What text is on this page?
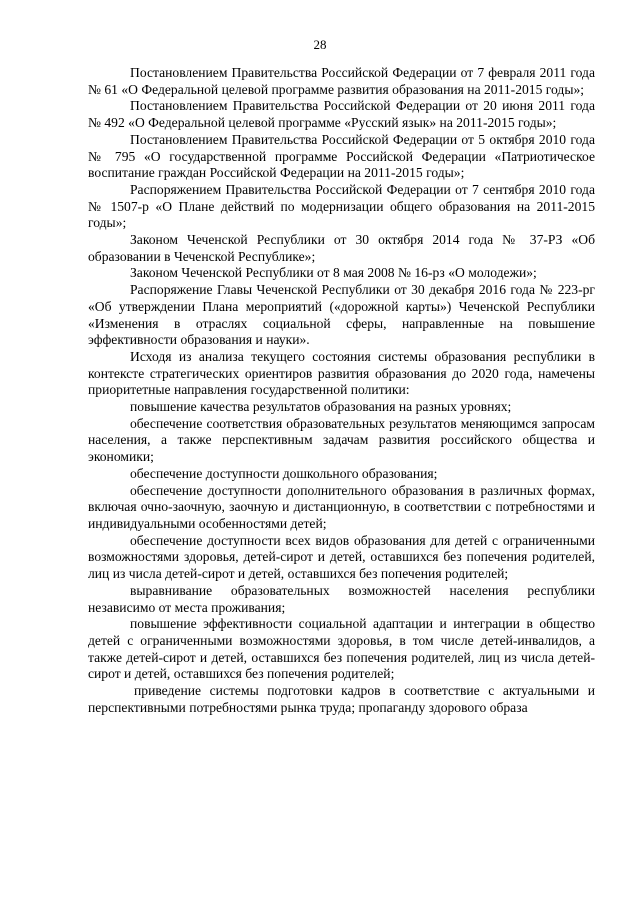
28

Постановлением Правительства Российской Федерации от 7 февраля 2011 года № 61 «О Федеральной целевой программе развития образования на 2011-2015 годы»;

Постановлением Правительства Российской Федерации от 20 июня 2011 года № 492 «О Федеральной целевой программе «Русский язык» на 2011-2015 годы»;

Постановлением Правительства Российской Федерации от 5 октября 2010 года № 795 «О государственной программе Российской Федерации «Патриотическое воспитание граждан Российской Федерации на 2011-2015 годы»;

Распоряжением Правительства Российской Федерации от 7 сентября 2010 года № 1507-р «О Плане действий по модернизации общего образования на 2011-2015 годы»;

Законом Чеченской Республики от 30 октября 2014 года № 37-РЗ «Об образовании в Чеченской Республике»;

Законом Чеченской Республики от 8 мая 2008 № 16-рз «О молодежи»;

Распоряжение Главы Чеченской Республики от 30 декабря 2016 года № 223-рг «Об утверждении Плана мероприятий («дорожной карты») Чеченской Республики «Изменения в отраслях социальной сферы, направленные на повышение эффективности образования и науки».

Исходя из анализа текущего состояния системы образования республики в контексте стратегических ориентиров развития образования до 2020 года, намечены приоритетные направления государственной политики:

повышение качества результатов образования на разных уровнях;

обеспечение соответствия образовательных результатов меняющимся запросам населения, а также перспективным задачам развития российского общества и экономики;

обеспечение доступности дошкольного образования;

обеспечение доступности дополнительного образования в различных формах, включая очно-заочную, заочную и дистанционную, в соответствии с потребностями и индивидуальными особенностями детей;

обеспечение доступности всех видов образования для детей с ограниченными возможностями здоровья, детей-сирот и детей, оставшихся без попечения родителей, лиц из числа детей-сирот и детей, оставшихся без попечения родителей;

выравнивание образовательных возможностей населения республики независимо от места проживания;

повышение эффективности социальной адаптации и интеграции в общество детей с ограниченными возможностями здоровья, в том числе детей-инвалидов, а также детей-сирот и детей, оставшихся без попечения родителей, лиц из числа детей-сирот и детей, оставшихся без попечения родителей;

приведение системы подготовки кадров в соответствие с актуальными и перспективными потребностями рынка труда; пропаганду здорового образа
